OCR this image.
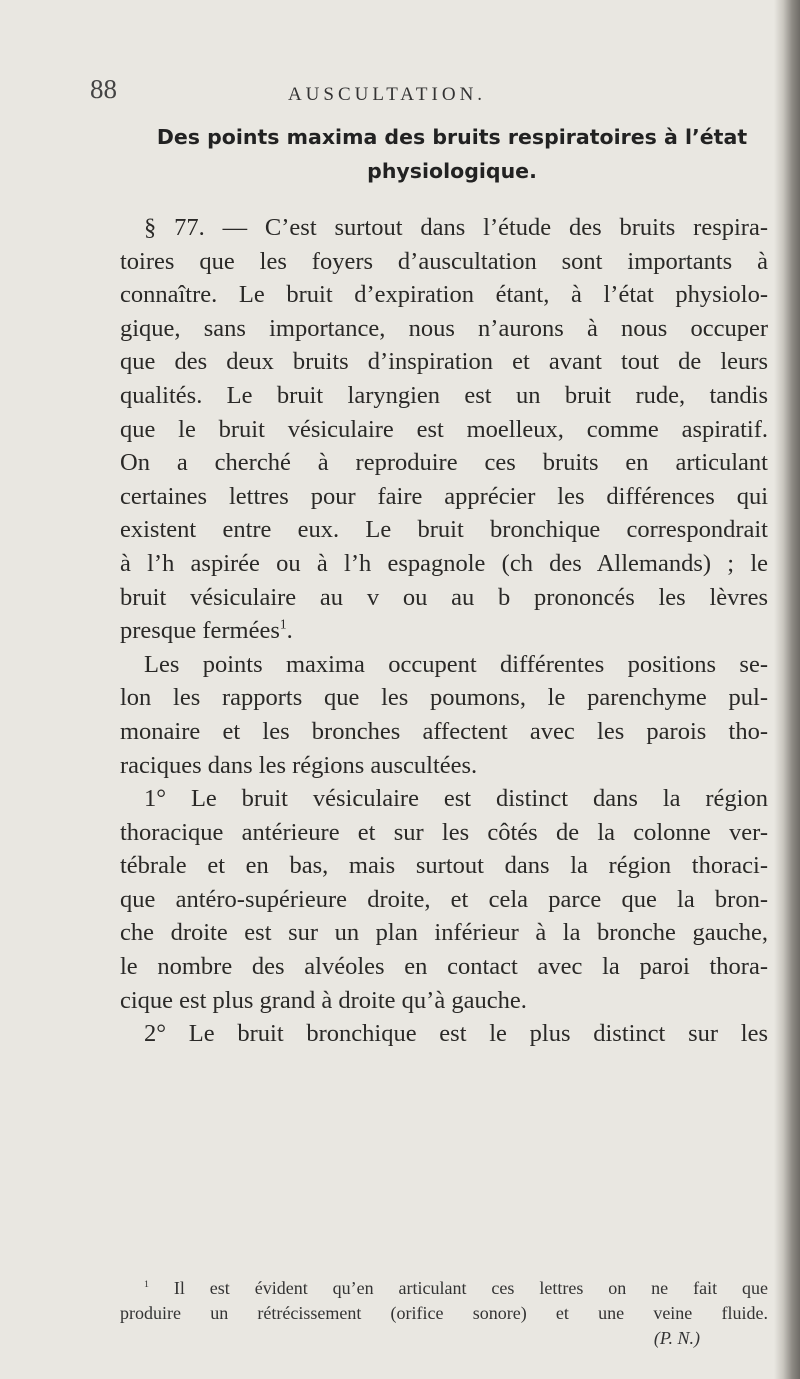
88	AUSCULTATION.
Des points maxima des bruits respiratoires à l’état
physiologique.
§ 77. — C’est surtout dans l’étude des bruits respira-
toires que les foyers d’auscultation sont importants à
connaître. Le bruit d’expiration étant, à l’état physiolo-
gique, sans importance, nous n’aurons à nous occuper
que des deux bruits d’inspiration et avant tout de leurs
qualités. Le bruit laryngien est un bruit rude, tandis
que le bruit vésiculaire est moelleux, comme aspiratif.
On a cherché à reproduire ces bruits en articulant
certaines lettres pour faire apprécier les différences qui
existent entre eux. Le bruit bronchique correspondrait
à l’h aspirée ou à l’h espagnole (ch des Allemands) ; le
bruit vésiculaire au v ou au b prononcés les lèvres
presque fermées$^1$.
Les points maxima occupent différentes positions se-
lon les rapports que les poumons, le parenchyme pul-
monaire et les bronches affectent avec les parois tho-
raciques dans les régions auscultées.
1° Le bruit vésiculaire est distinct dans la région
thoracique antérieure et sur les côtés de la colonne ver-
tébrale et en bas, mais surtout dans la région thoraci-
que antéro-supérieure droite, et cela parce que la bron-
che droite est sur un plan inférieur à la bronche gauche,
le nombre des alvéoles en contact avec la paroi thora-
cique est plus grand à droite qu’à gauche.
2° Le bruit bronchique est le plus distinct sur les
$^1$ Il est évident qu’en articulant ces lettres on ne fait que
produire un rétrécissement (orifice sonore) et une veine fluide.
(P. N.)
